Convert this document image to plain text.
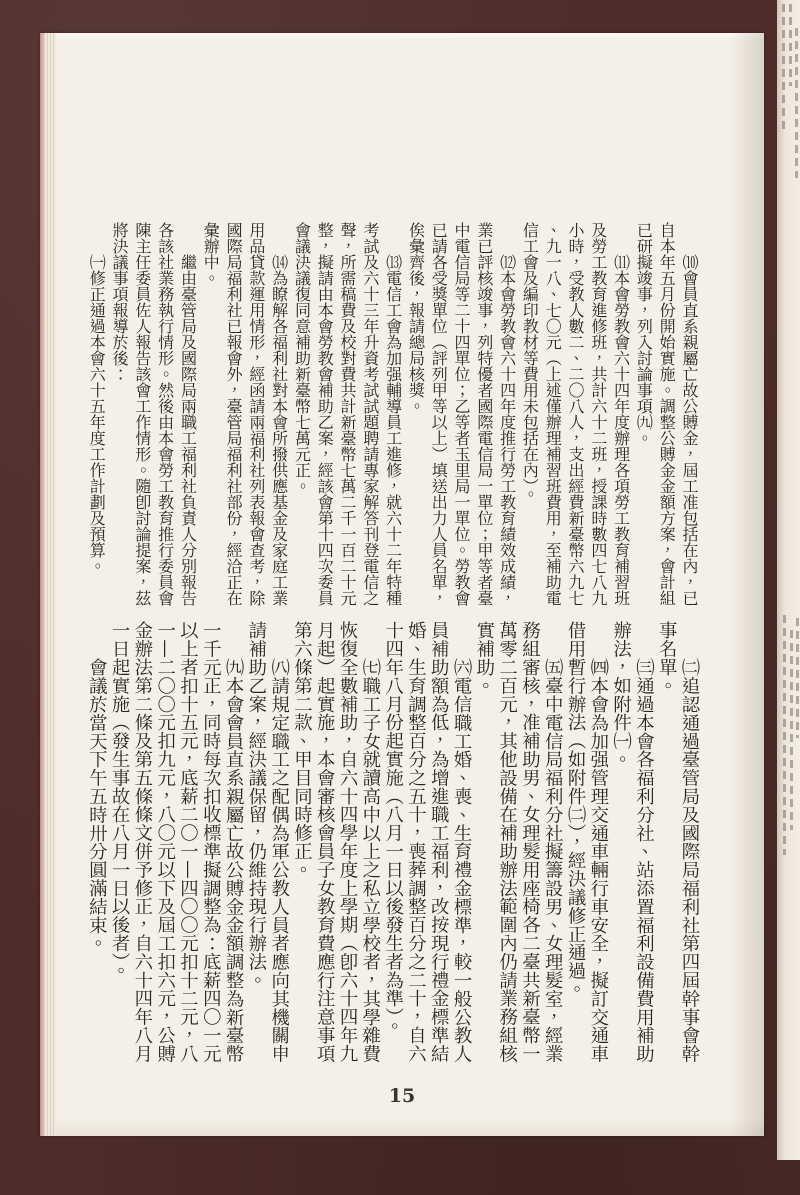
⑽會員直系親屬亡故公賻金，屆工准包括在內，已
自本年五月份開始實施。調整公賻金金額方案，會計組
已研擬竣事，列入討論事項㈨。
⑾本會勞教會六十四年度辦理各項勞工教育補習班
及勞工教育進修班，共計六十二班，授課時數四七八九
小時，受教人數二、二〇八人，支出經費新臺幣六九七
、九一八、七〇元（上述僅辦理補習班費用，至補助電
信工會及編印教材等費用未包括在內）。
⑿本會勞教會六十四年度推行勞工教育績效成績，
業已評核竣事，列特優者國際電信局一單位；甲等者臺
中電信局等二十四單位；乙等者玉里局一單位。勞教會
已請各受獎單位（評列甲等以上）填送出力人員名單，
俟彙齊後，報請總局核獎。
⒀電信工會為加强輔導員工進修，就六十二年特種
考試及六十三年升資考試試題聘請專家解答刊登電信之
聲，所需稿費及校對費共計新臺幣七萬二千一百二十元
整，擬請由本會勞教會補助乙案，經該會第十四次委員
會議決議復同意補助新臺幣七萬元正。
⒁為瞭解各福利社對本會所撥供應基金及家庭工業
用品貸款運用情形，經函請兩福利社列表報會查考，除
國際局福利社已報會外，臺管局福利社部份，經洽正在
彙辦中。
繼由臺管局及國際局兩職工福利社負責人分別報告
各該社業務執行情形。然後由本會勞工教育推行委員會
陳主任委員佐人報告該會工作情形。隨卽討論提案，茲
將決議事項報導於後：
㈠修正通過本會六十五年度工作計劃及預算。
㈡追認通過臺管局及國際局福利社第四屆幹事會幹
事名單。
㈢通過本會各福利分社、站添置福利設備費用補助
辦法，如附件㈠。
㈣本會為加强管理交通車輛行車安全，擬訂交通車
借用暫行辦法（如附件㈡），經決議修正通過。
㈤臺中電信局福利分社擬籌設男、女理髮室，經業
務組審核，准補助男、女理髮用座椅各二臺共新臺幣一
萬零二百元，其他設備在補助辦法範圍內仍請業務組核
實補助。
㈥電信職工婚、喪、生育禮金標準，較一般公教人
員補助額為低，為增進職工福利，改按現行禮金標準結
婚、生育調整百分之五十，喪葬調整百分之二十，自六
十四年八月份起實施（八月一日以後發生者為準）。
㈦職工子女就讀高中以上之私立學校者，其學雜費
恢復全數補助，自六十四學年度上學期（卽六十四年九
月起）起實施，本會審核會員子女教育費應行注意事項
第六條第二款、甲目同時修正。
㈧請規定職工之配偶為軍公教人員者應向其機關申
請補助乙案，經決議保留，仍維持現行辦法。
㈨本會會員直系親屬亡故公賻金金額調整為新臺幣
一千元正，同時每次扣收標準擬調整為：底薪四〇一元
以上者扣十五元，底薪二〇一—四〇〇元扣十二元，八
一—二〇〇元扣九元，八〇元以下及屆工扣六元，公賻
金辦法第二條及第五條條文併予修正，自六十四年八月
一日起實施（發生事故在八月一日以後者）。
會議於當天下午五時卅分圓滿結束。
15
